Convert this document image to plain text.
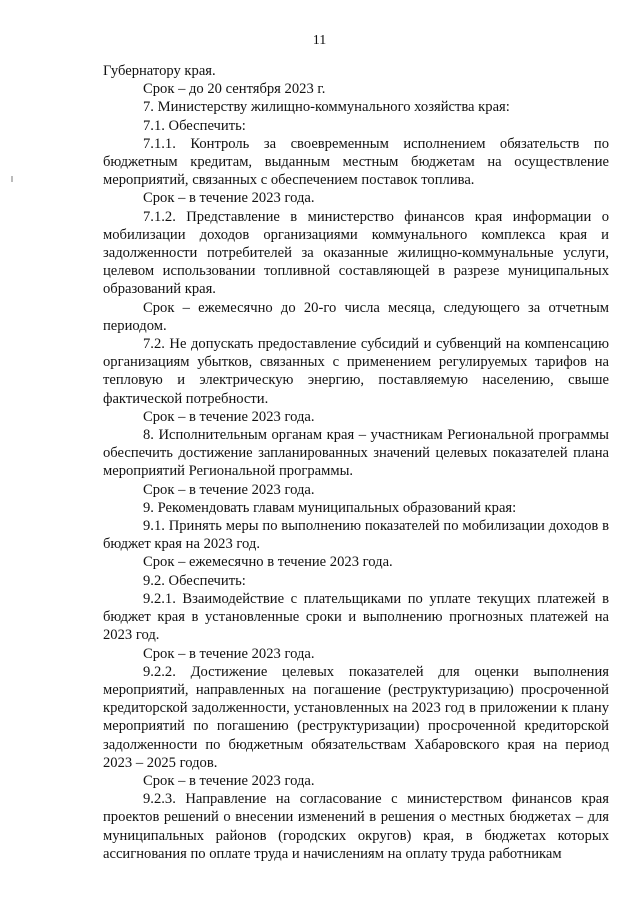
11

Губернатору края.

Срок – до 20 сентября 2023 г.

7. Министерству жилищно-коммунального хозяйства края:

7.1. Обеспечить:

7.1.1. Контроль за своевременным исполнением обязательств по бюджетным кредитам, выданным местным бюджетам на осуществление мероприятий, связанных с обеспечением поставок топлива.

Срок – в течение 2023 года.

7.1.2. Представление в министерство финансов края информации о мобилизации доходов организациями коммунального комплекса края и задолженности потребителей за оказанные жилищно-коммунальные услуги, целевом использовании топливной составляющей в разрезе муниципальных образований края.

Срок – ежемесячно до 20-го числа месяца, следующего за отчетным периодом.

7.2. Не допускать предоставление субсидий и субвенций на компенсацию организациям убытков, связанных с применением регулируемых тарифов на тепловую и электрическую энергию, поставляемую населению, свыше фактической потребности.

Срок – в течение 2023 года.

8. Исполнительным органам края – участникам Региональной программы обеспечить достижение запланированных значений целевых показателей плана мероприятий Региональной программы.

Срок – в течение 2023 года.

9. Рекомендовать главам муниципальных образований края:

9.1. Принять меры по выполнению показателей по мобилизации доходов в бюджет края на 2023 год.

Срок – ежемесячно в течение 2023 года.

9.2. Обеспечить:

9.2.1. Взаимодействие с плательщиками по уплате текущих платежей в бюджет края в установленные сроки и выполнению прогнозных платежей на 2023 год.

Срок – в течение 2023 года.

9.2.2. Достижение целевых показателей для оценки выполнения мероприятий, направленных на погашение (реструктуризацию) просроченной кредиторской задолженности, установленных на 2023 год в приложении к плану мероприятий по погашению (реструктуризации) просроченной кредиторской задолженности по бюджетным обязательствам Хабаровского края на период 2023 – 2025 годов.

Срок – в течение 2023 года.

9.2.3. Направление на согласование с министерством финансов края проектов решений о внесении изменений в решения о местных бюджетах – для муниципальных районов (городских округов) края, в бюджетах которых ассигнования по оплате труда и начислениям на оплату труда работникам
